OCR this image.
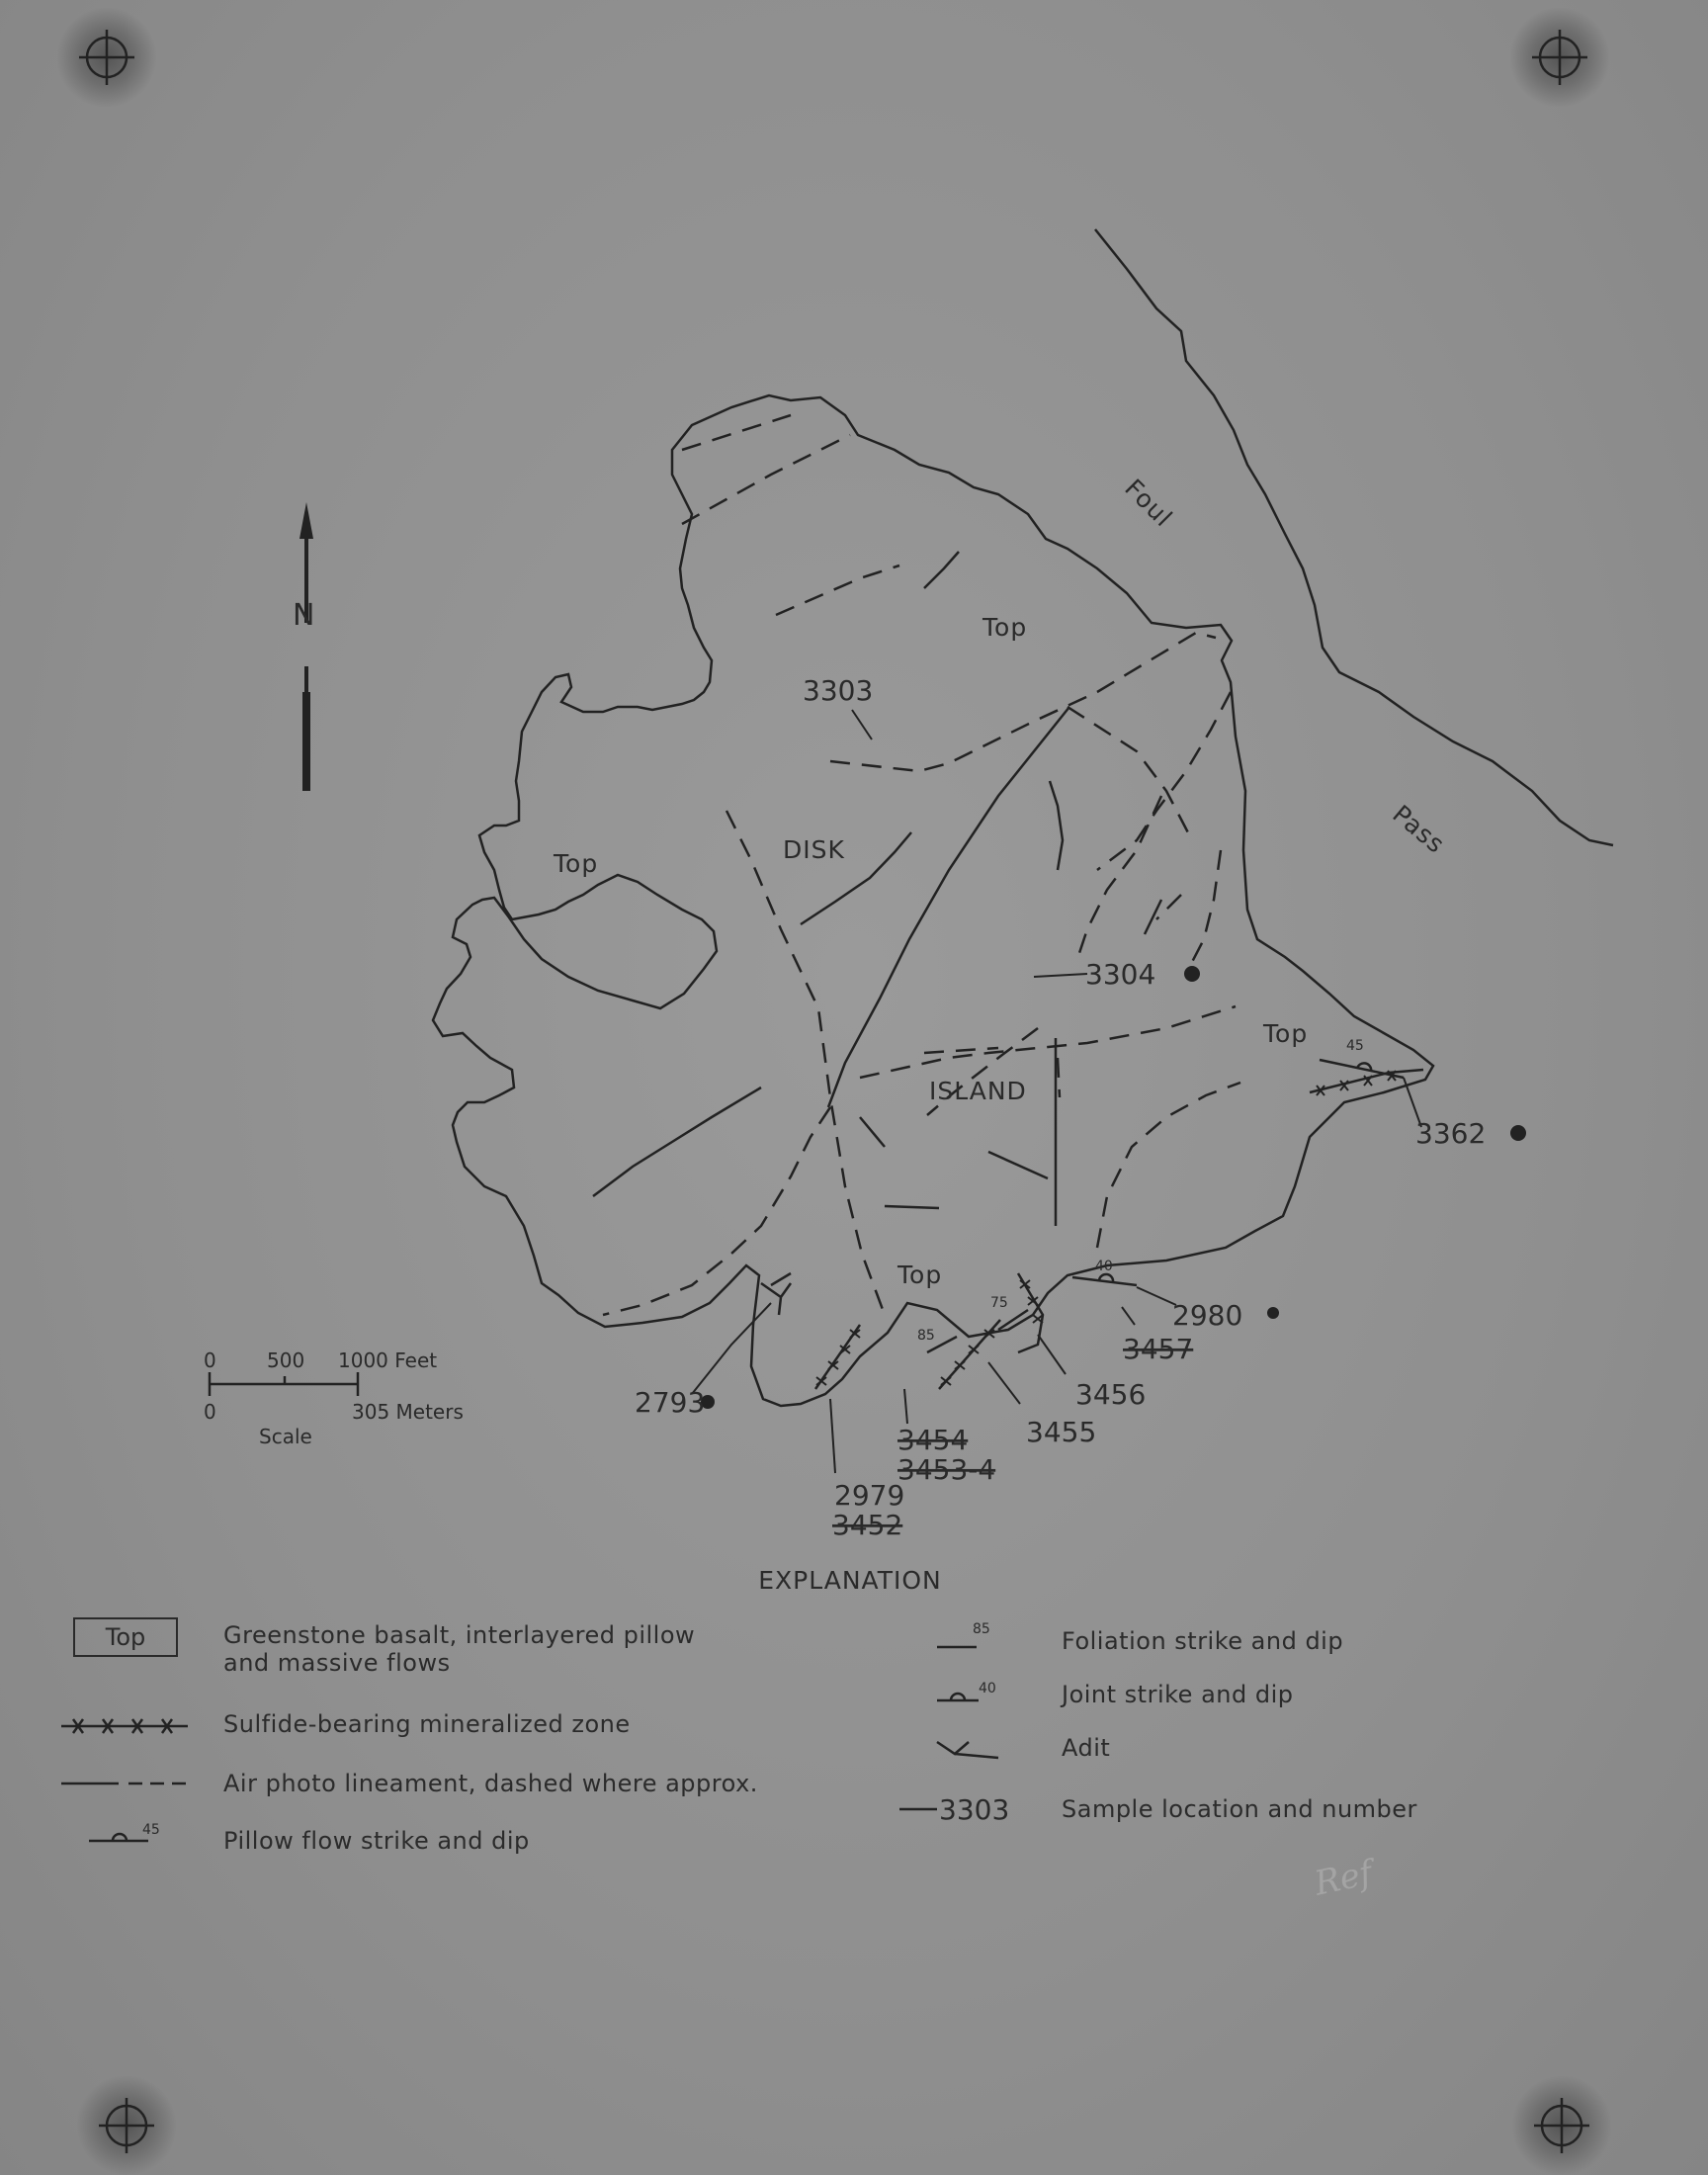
N
DISK
ISLAND
Foul
Pass
Top
Top
Top
Top
45
40
85
75
3303
3304
3362
2980
3456
3455
2793
2979
3457
3454
3453-4
3452
0	500 1000 Feet
0	305 Meters
Scale
45
85
40
3303
EXPLANATION
Top	Greenstone basalt, interlayered pillow
and massive flows
Sulfide-bearing mineralized zone
Air photo lineament, dashed where approx.
Pillow flow strike and dip
Foliation strike and dip
Joint strike and dip
Adit
Sample location and number
Ref
